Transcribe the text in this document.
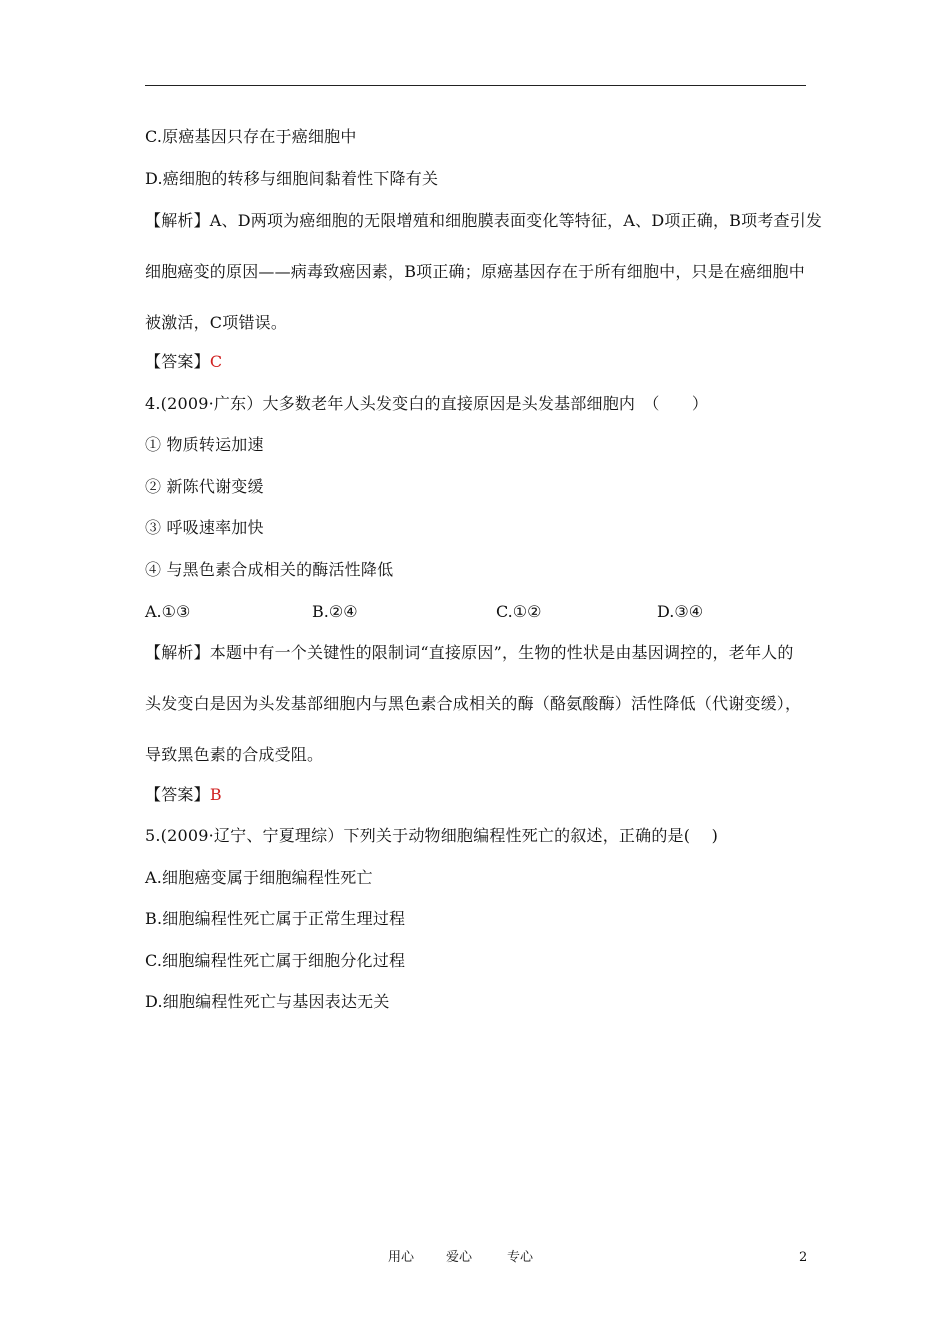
C.原癌基因只存在于癌细胞中
D.癌细胞的转移与细胞间黏着性下降有关
【解析】A、D两项为癌细胞的无限增殖和细胞膜表面变化等特征，A、D项正确，B项考查引发
细胞癌变的原因——病毒致癌因素，B项正确；原癌基因存在于所有细胞中，只是在癌细胞中
被激活，C项错误。
【答案】C
4.(2009·广东）大多数老年人头发变白的直接原因是头发基部细胞内　（　　）
① 物质转运加速
② 新陈代谢变缓
③ 呼吸速率加快
④ 与黑色素合成相关的酶活性降低
A.①③	B.②④	C.①②	D.③④
【解析】本题中有一个关键性的限制词“直接原因”，生物的性状是由基因调控的，老年人的
头发变白是因为头发基部细胞内与黑色素合成相关的酶（酪氨酸酶）活性降低（代谢变缓），
导致黑色素的合成受阻。
【答案】B
5.(2009·辽宁、宁夏理综）下列关于动物细胞编程性死亡的叙述，正确的是(　 )
A.细胞癌变属于细胞编程性死亡
B.细胞编程性死亡属于正常生理过程
C.细胞编程性死亡属于细胞分化过程
D.细胞编程性死亡与基因表达无关
用心 爱心	专心	2
